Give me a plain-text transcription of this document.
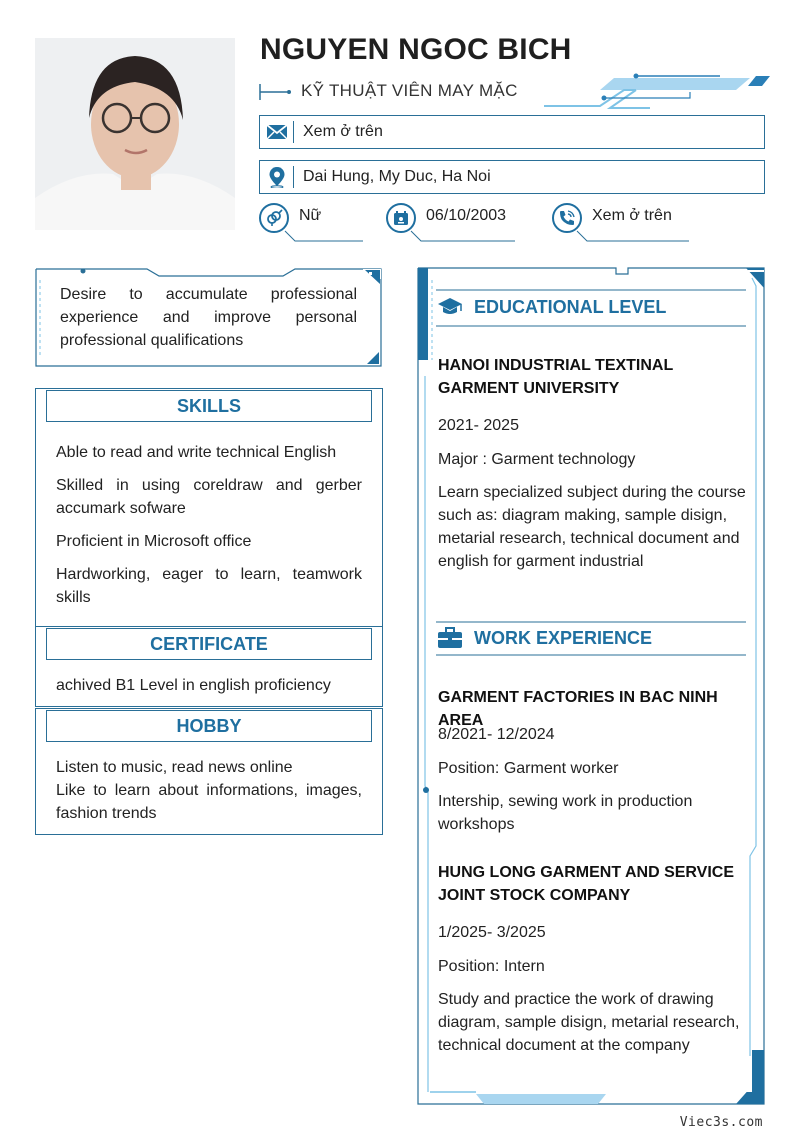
NGUYEN NGOC BICH
KỸ THUẬT VIÊN MAY MẶC
Xem ở trên
Dai Hung, My Duc, Ha Noi
Nữ	06/10/2003	Xem ở trên
Desire to accumulate professional experience and improve personal professional qualifications
SKILLS
Able to read and write technical English
Skilled in using coreldraw and gerber accumark sofware
Proficient in Microsoft office
Hardworking, eager to learn, teamwork skills
CERTIFICATE
achived B1 Level in english proficiency
HOBBY
Listen to music, read news online
Like to learn about informations, images, fashion trends
EDUCATIONAL LEVEL
HANOI INDUSTRIAL TEXTINAL GARMENT UNIVERSITY
2021- 2025
Major : Garment technology
Learn specialized subject during the course such as: diagram making, sample disign, metarial research, technical document and english for garment industrial
WORK EXPERIENCE
GARMENT FACTORIES IN BAC NINH AREA
8/2021- 12/2024
Position: Garment worker
Intership, sewing work in production workshops
HUNG LONG GARMENT AND SERVICE JOINT STOCK COMPANY
1/2025- 3/2025
Position: Intern
Study and practice the work of drawing diagram, sample disign, metarial research, technical document at the company
Viec3s.com
